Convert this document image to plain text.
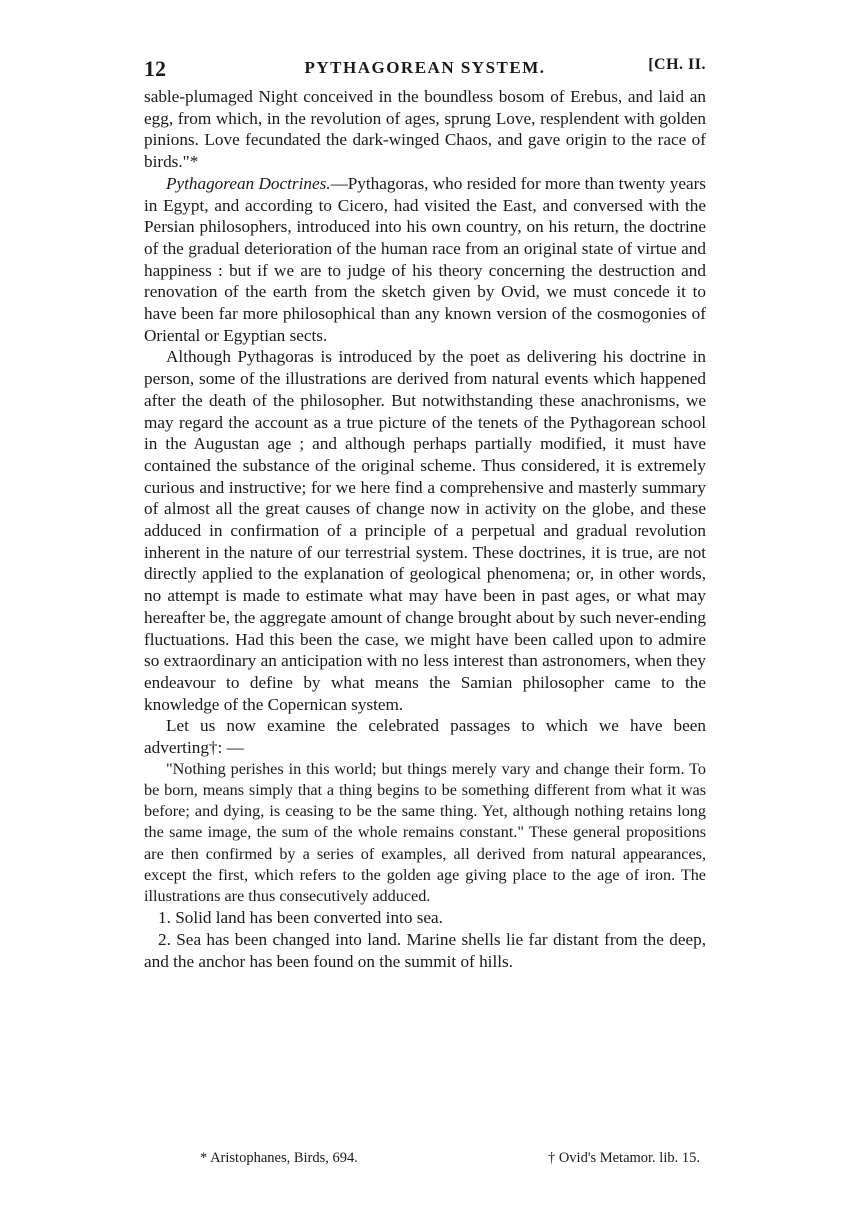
12	PYTHAGOREAN SYSTEM.	[CH. II.

sable-plumaged Night conceived in the boundless bosom of Erebus, and laid an egg, from which, in the revolution of ages, sprung Love, resplendent with golden pinions. Love fecundated the dark-winged Chaos, and gave origin to the race of birds."*

Pythagorean Doctrines.—Pythagoras, who resided for more than twenty years in Egypt, and according to Cicero, had visited the East, and conversed with the Persian philosophers, introduced into his own country, on his return, the doctrine of the gradual deterioration of the human race from an original state of virtue and happiness : but if we are to judge of his theory concerning the destruction and renovation of the earth from the sketch given by Ovid, we must concede it to have been far more philosophical than any known version of the cosmogonies of Oriental or Egyptian sects.

Although Pythagoras is introduced by the poet as delivering his doctrine in person, some of the illustrations are derived from natural events which happened after the death of the philosopher. But notwithstanding these anachronisms, we may regard the account as a true picture of the tenets of the Pythagorean school in the Augustan age ; and although perhaps partially modified, it must have contained the substance of the original scheme. Thus considered, it is extremely curious and instructive; for we here find a comprehensive and masterly summary of almost all the great causes of change now in activity on the globe, and these adduced in confirmation of a principle of a perpetual and gradual revolution inherent in the nature of our terrestrial system. These doctrines, it is true, are not directly applied to the explanation of geological phenomena; or, in other words, no attempt is made to estimate what may have been in past ages, or what may hereafter be, the aggregate amount of change brought about by such never-ending fluctuations. Had this been the case, we might have been called upon to admire so extraordinary an anticipation with no less interest than astronomers, when they endeavour to define by what means the Samian philosopher came to the knowledge of the Copernican system.

Let us now examine the celebrated passages to which we have been adverting†: —

"Nothing perishes in this world; but things merely vary and change their form. To be born, means simply that a thing begins to be something different from what it was before; and dying, is ceasing to be the same thing. Yet, although nothing retains long the same image, the sum of the whole remains constant." These general propositions are then confirmed by a series of examples, all derived from natural appearances, except the first, which refers to the golden age giving place to the age of iron. The illustrations are thus consecutively adduced.

1. Solid land has been converted into sea.

2. Sea has been changed into land. Marine shells lie far distant from the deep, and the anchor has been found on the summit of hills.

* Aristophanes, Birds, 694.	† Ovid's Metamor. lib. 15.
